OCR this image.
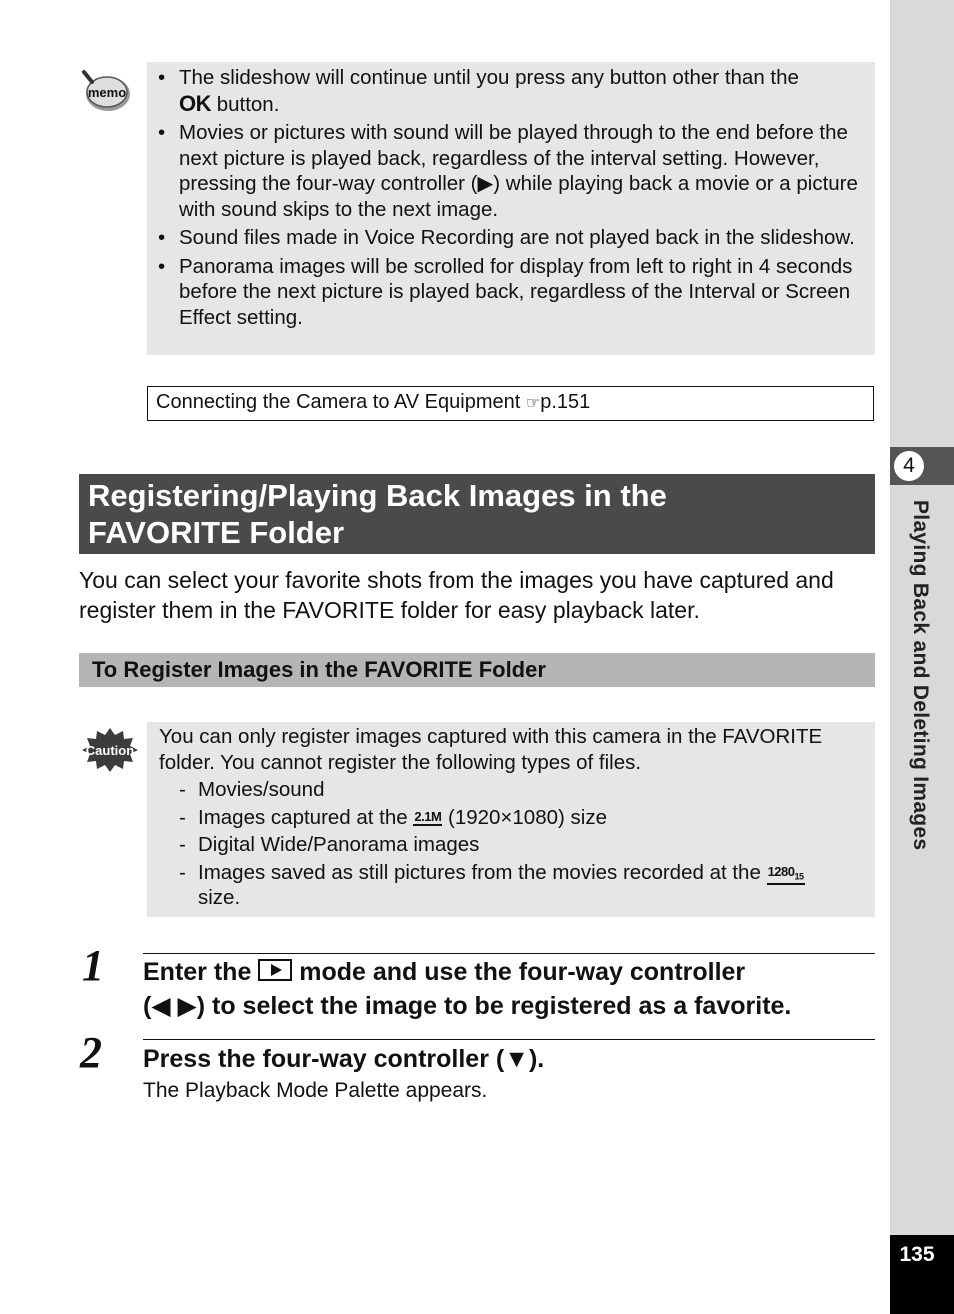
4
Playing Back and Deleting Images
135
memo
• The slideshow will continue until you press any button other than the
OK button.
• Movies or pictures with sound will be played through to the end before the next picture is played back, regardless of the interval setting. However, pressing the four-way controller (▶) while playing back a movie or a picture with sound skips to the next image.
• Sound files made in Voice Recording are not played back in the slideshow.
• Panorama images will be scrolled for display from left to right in 4 seconds before the next picture is played back, regardless of the Interval or Screen Effect setting.
Connecting the Camera to AV Equipment ☞p.151
Registering/Playing Back Images in the
FAVORITE Folder
You can select your favorite shots from the images you have captured and register them in the FAVORITE folder for easy playback later.
To Register Images in the FAVORITE Folder
Caution
You can only register images captured with this camera in the FAVORITE folder. You cannot register the following types of files.
- Movies/sound
- Images captured at the 2.1M (1920×1080) size
- Digital Wide/Panorama images
- Images saved as still pictures from the movies recorded at the $1280_{15}$
size.
1 Enter the mode and use the four-way controller
(◀ ▶) to select the image to be registered as a favorite.
2 Press the four-way controller (▼).
The Playback Mode Palette appears.
